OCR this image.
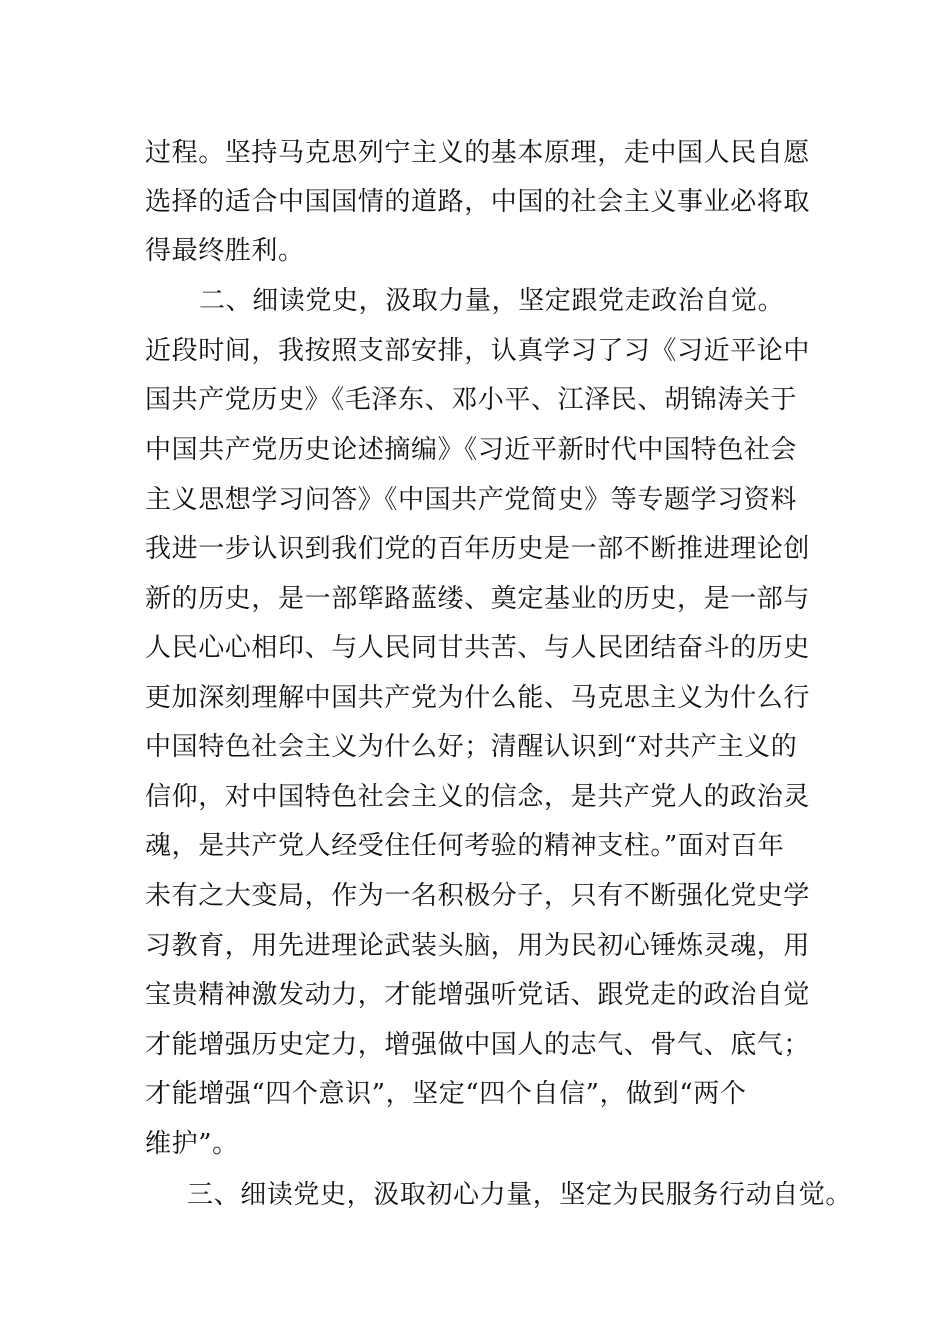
过程。坚持马克思列宁主义的基本原理，走中国人民自愿
选择的适合中国国情的道路，中国的社会主义事业必将取
得最终胜利。
二、细读党史，汲取力量，坚定跟党走政治自觉。
近段时间，我按照支部安排，认真学习了习《习近平论中
国共产党历史》《毛泽东、邓小平、江泽民、胡锦涛关于
中国共产党历史论述摘编》《习近平新时代中国特色社会
主义思想学习问答》《中国共产党简史》等专题学习资料
我进一步认识到我们党的百年历史是一部不断推进理论创
新的历史，是一部筚路蓝缕、奠定基业的历史，是一部与
人民心心相印、与人民同甘共苦、与人民团结奋斗的历史
更加深刻理解中国共产党为什么能、马克思主义为什么行
中国特色社会主义为什么好；清醒认识到“对共产主义的
信仰，对中国特色社会主义的信念，是共产党人的政治灵
魂，是共产党人经受住任何考验的精神支柱。”面对百年
未有之大变局，作为一名积极分子，只有不断强化党史学
习教育，用先进理论武装头脑，用为民初心锤炼灵魂，用
宝贵精神激发动力，才能增强听党话、跟党走的政治自觉
才能增强历史定力，增强做中国人的志气、骨气、底气；
才能增强“四个意识”，坚定“四个自信”，做到“两个
维护”。
三、细读党史，汲取初心力量，坚定为民服务行动自觉。
